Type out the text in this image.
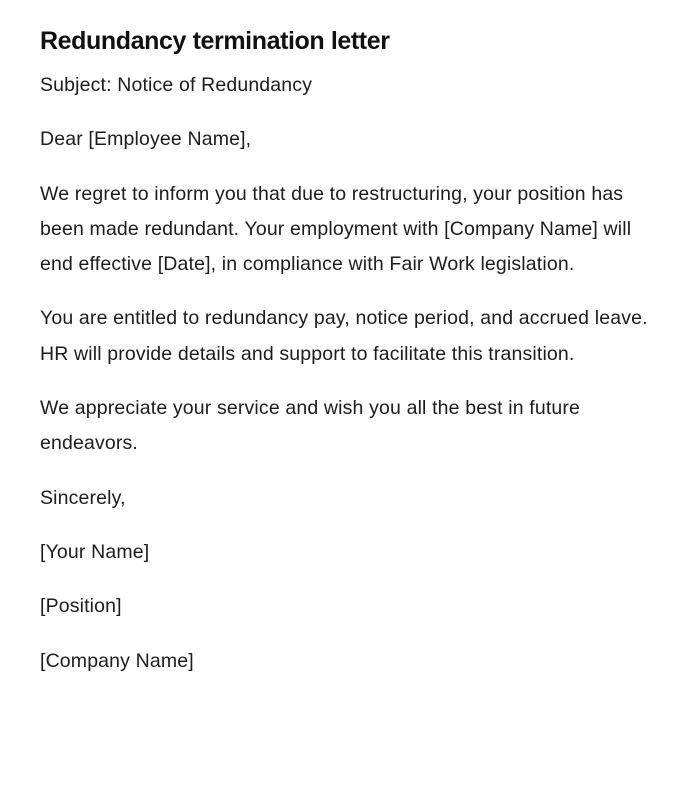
Redundancy termination letter

Subject: Notice of Redundancy

Dear [Employee Name],

We regret to inform you that due to restructuring, your position has been made redundant. Your employment with [Company Name] will end effective [Date], in compliance with Fair Work legislation.

You are entitled to redundancy pay, notice period, and accrued leave. HR will provide details and support to facilitate this transition.

We appreciate your service and wish you all the best in future endeavors.

Sincerely,

[Your Name]

[Position]

[Company Name]
